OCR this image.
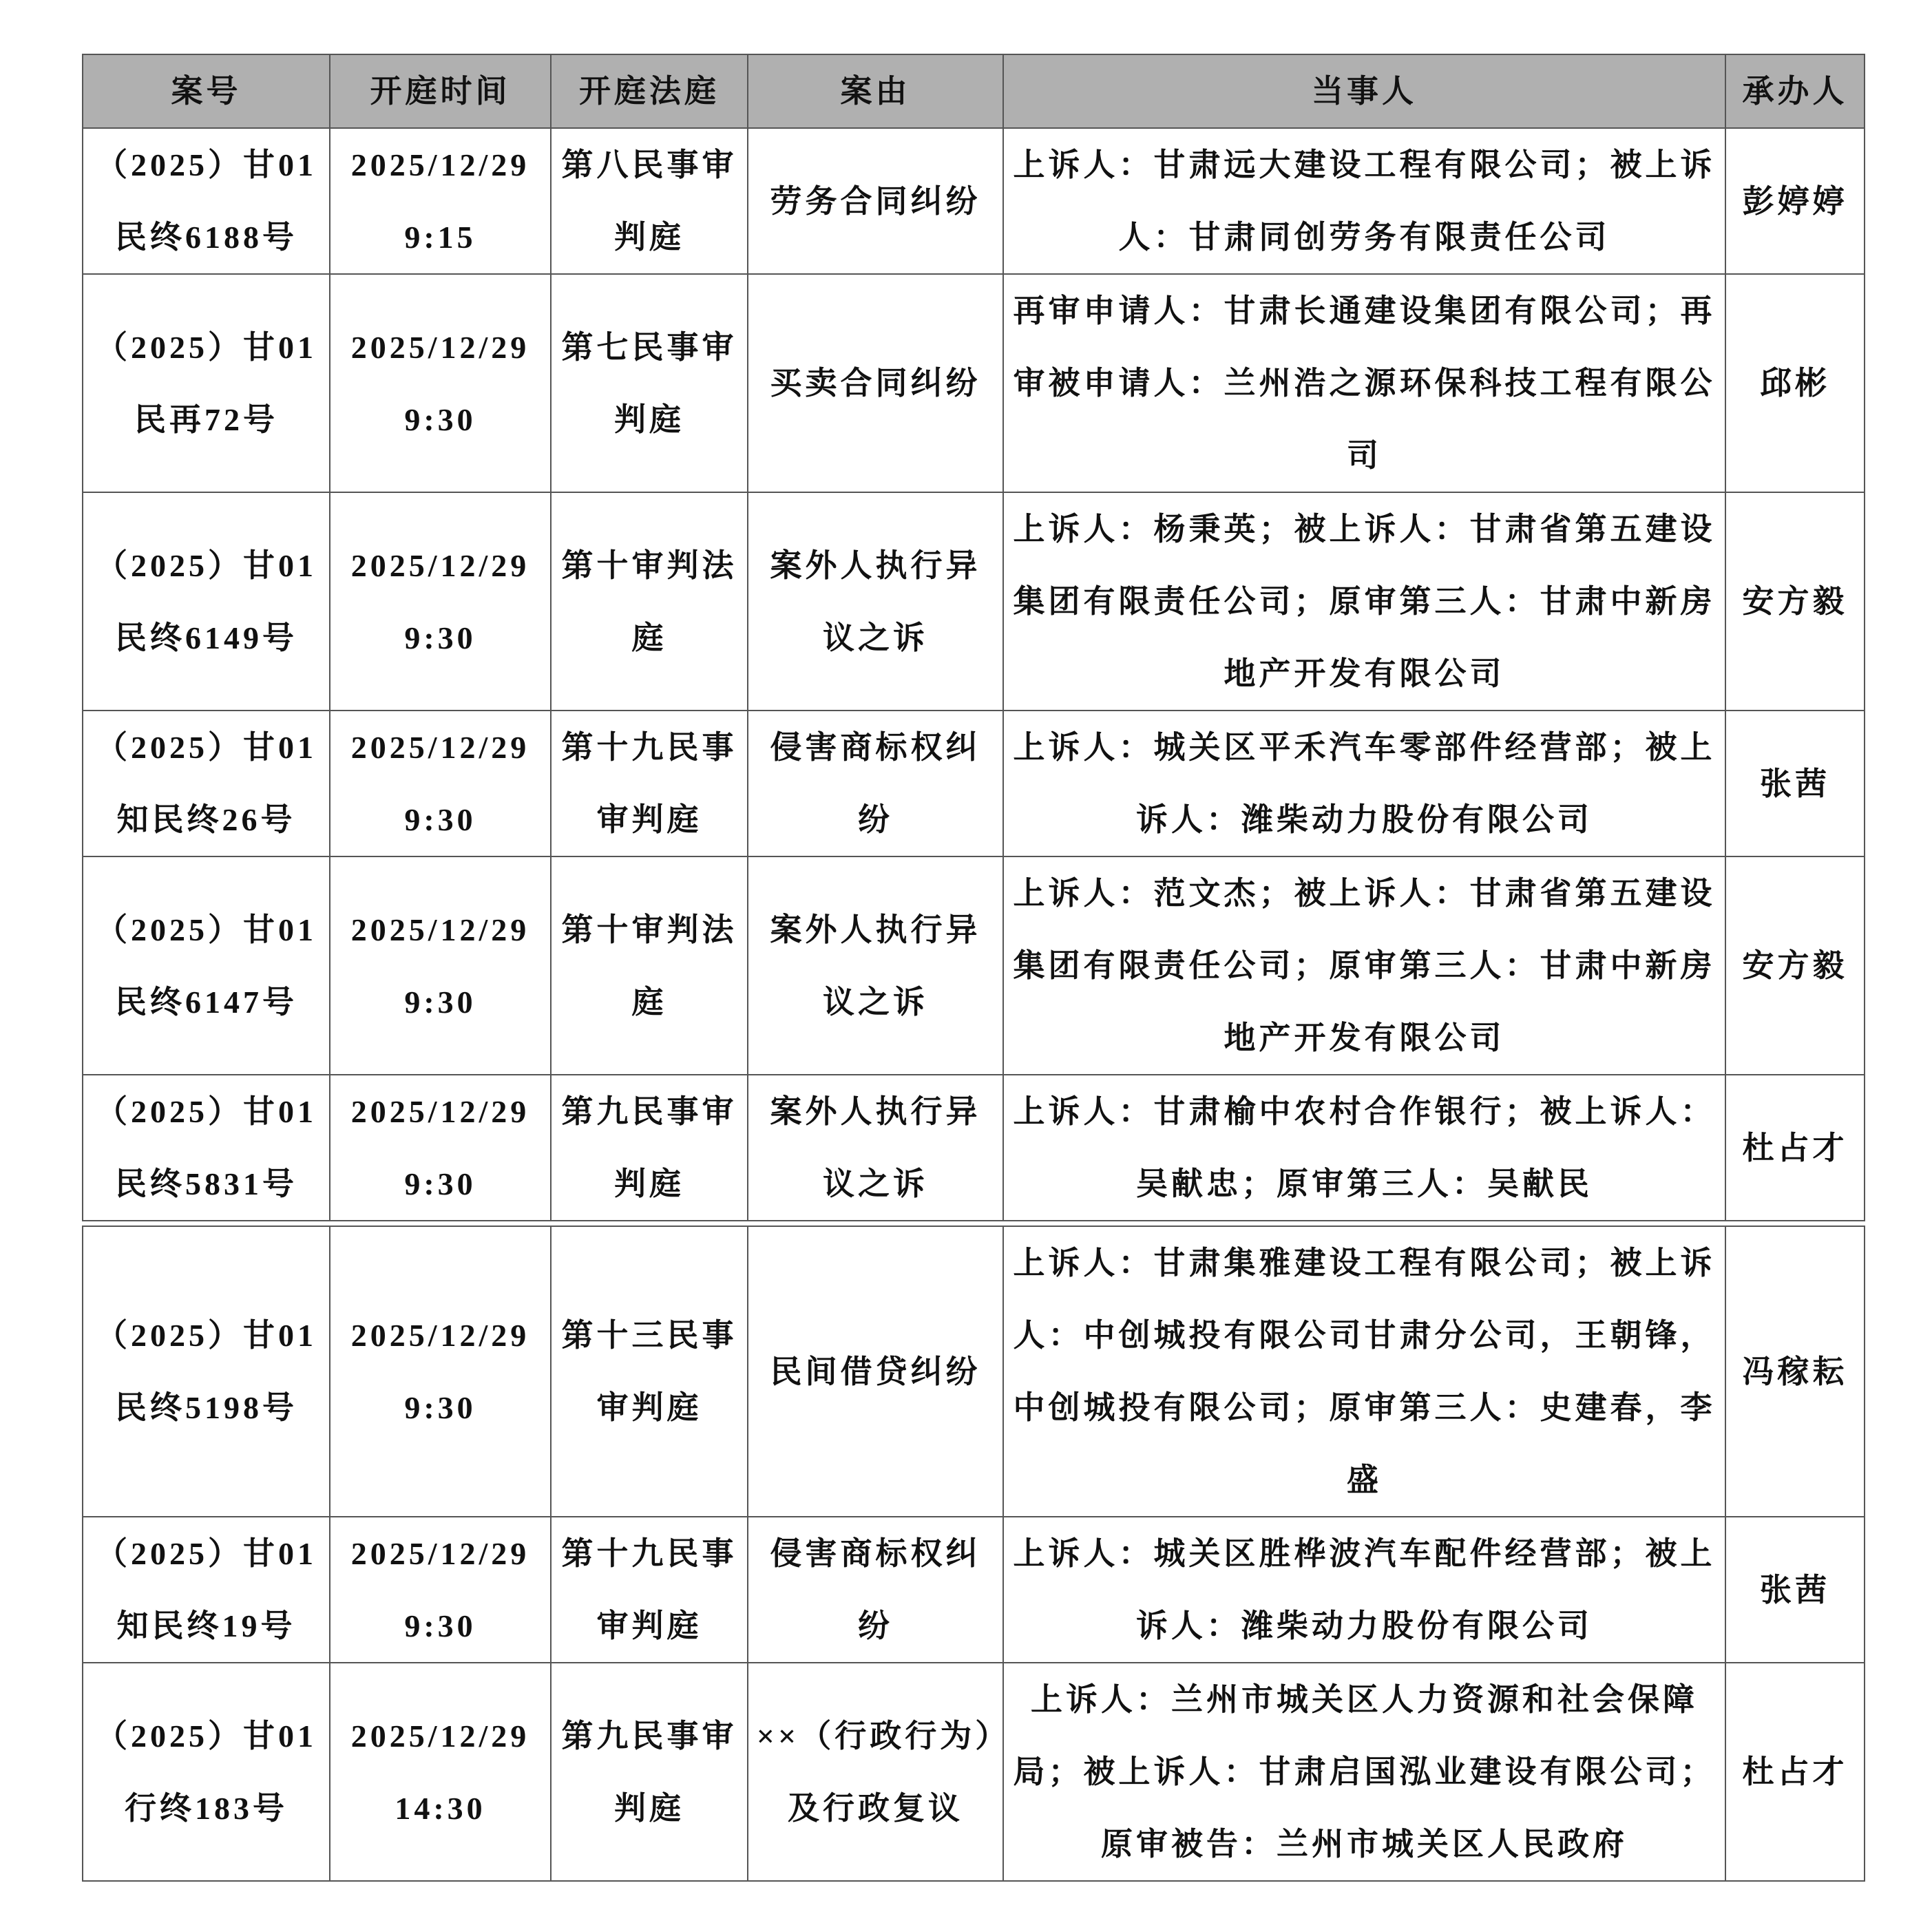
案号	开庭时间	开庭法庭	案由	当事人	承办人
（2025）甘01民终6188号	2025/12/29 9:15	第八民事审判庭	劳务合同纠纷	上诉人：甘肃远大建设工程有限公司；被上诉人：甘肃同创劳务有限责任公司	彭婷婷
（2025）甘01民再72号	2025/12/29 9:30	第七民事审判庭	买卖合同纠纷	再审申请人：甘肃长通建设集团有限公司；再审被申请人：兰州浩之源环保科技工程有限公司	邱彬
（2025）甘01民终6149号	2025/12/29 9:30	第十审判法庭	案外人执行异议之诉	上诉人：杨秉英；被上诉人：甘肃省第五建设集团有限责任公司；原审第三人：甘肃中新房地产开发有限公司	安方毅
（2025）甘01知民终26号	2025/12/29 9:30	第十九民事审判庭	侵害商标权纠纷	上诉人：城关区平禾汽车零部件经营部；被上诉人：潍柴动力股份有限公司	张茜
（2025）甘01民终6147号	2025/12/29 9:30	第十审判法庭	案外人执行异议之诉	上诉人：范文杰；被上诉人：甘肃省第五建设集团有限责任公司；原审第三人：甘肃中新房地产开发有限公司	安方毅
（2025）甘01民终5831号	2025/12/29 9:30	第九民事审判庭	案外人执行异议之诉	上诉人：甘肃榆中农村合作银行；被上诉人：吴献忠；原审第三人：吴献民	杜占才
（2025）甘01民终5198号	2025/12/29 9:30	第十三民事审判庭	民间借贷纠纷	上诉人：甘肃集雅建设工程有限公司；被上诉人：中创城投有限公司甘肃分公司，王朝锋，中创城投有限公司；原审第三人：史建春，李盛	冯稼耘
（2025）甘01知民终19号	2025/12/29 9:30	第十九民事审判庭	侵害商标权纠纷	上诉人：城关区胜桦波汽车配件经营部；被上诉人：潍柴动力股份有限公司	张茜
（2025）甘01行终183号	2025/12/29 14:30	第九民事审判庭	××（行政行为）及行政复议	上诉人：兰州市城关区人力资源和社会保障局；被上诉人：甘肃启国泓业建设有限公司；原审被告：兰州市城关区人民政府	杜占才
